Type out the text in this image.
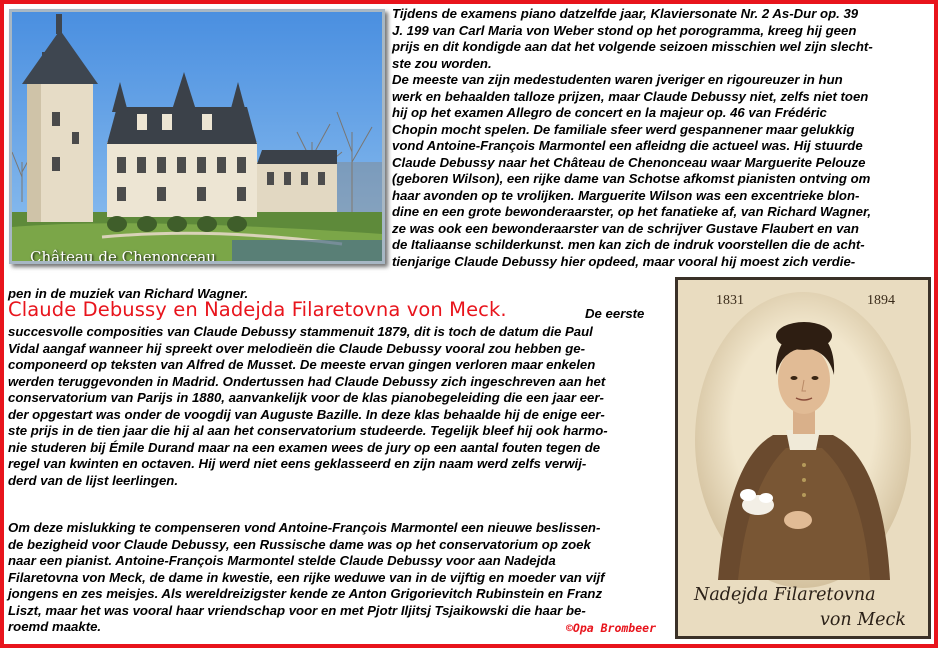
Château de Chenonceau
Tijdens de examens piano datzelfde jaar, Klaviersonate Nr. 2 As-Dur op. 39
J. 199 van Carl Maria von Weber stond op het porogramma, kreeg hij geen
prijs en dit kondigde aan dat het volgende seizoen misschien wel zijn slecht-
ste zou worden.
De meeste van zijn medestudenten waren jveriger en rigoureuzer in hun
werk en behaalden talloze prijzen, maar Claude Debussy niet, zelfs niet toen
hij op het examen Allegro de concert en la majeur op. 46 van Frédéric
Chopin mocht spelen. De familiale sfeer werd gespannener maar gelukkig
vond Antoine-François Marmontel een afleidng die actueel was. Hij stuurde
Claude Debussy naar het Château de Chenonceau waar Marguerite Pelouze
(geboren Wilson), een rijke dame van Schotse afkomst pianisten ontving om
haar avonden op te vrolijken. Marguerite Wilson was een excentrieke blon-
dine en een grote bewonderaarster, op het fanatieke af, van Richard Wagner,
ze was ook een bewonderaarster van de schrijver Gustave Flaubert en van
de Italiaanse schilderkunst. men kan zich de indruk voorstellen die de acht-
tienjarige Claude Debussy hier opdeed, maar vooral hij moest zich verdie-
pen in de muziek van Richard Wagner.
Claude Debussy en Nadejda Filaretovna von Meck.	De eerste
succesvolle composities van Claude Debussy stammenuit 1879, dit is toch de datum die Paul
Vidal aangaf wanneer hij spreekt over melodieën die Claude Debussy vooral zou hebben ge-
componeerd op teksten van Alfred de Musset. De meeste ervan gingen verloren maar enkelen
werden teruggevonden in Madrid. Ondertussen had Claude Debussy zich ingeschreven aan het
conservatorium van Parijs in 1880, aanvankelijk voor de klas pianobegeleiding die een jaar eer-
der opgestart was onder de voogdij van Auguste Bazille. In deze klas behaalde hij de enige eer-
ste prijs in de tien jaar die hij al aan het conservatorium studeerde. Tegelijk bleef hij ook harmo-
nie studeren bij Émile Durand maar na een examen wees de jury op een aantal fouten tegen de
regel van kwinten en octaven. Hij werd niet eens geklasseerd en zijn naam werd zelfs verwij-
derd van de lijst leerlingen.
Om deze mislukking te compenseren vond Antoine-François Marmontel een nieuwe beslissen-
de bezigheid voor Claude Debussy, een Russische dame was op het conservatorium op zoek
naar een pianist. Antoine-François Marmontel stelde Claude Debussy voor aan Nadejda
Filaretovna von Meck, de dame in kwestie, een rijke weduwe van in de vijftig en moeder van vijf
jongens en zes meisjes. Als wereldreizigster kende ze Anton Grigorievitch Rubinstein en Franz
Liszt, maar het was vooral haar vriendschap voor en met Pjotr Iljitsj Tsjaikowski die haar be-
roemd maakte.	©Opa Brombeer
1831	1894
Nadejda Filaretovna
von Meck
